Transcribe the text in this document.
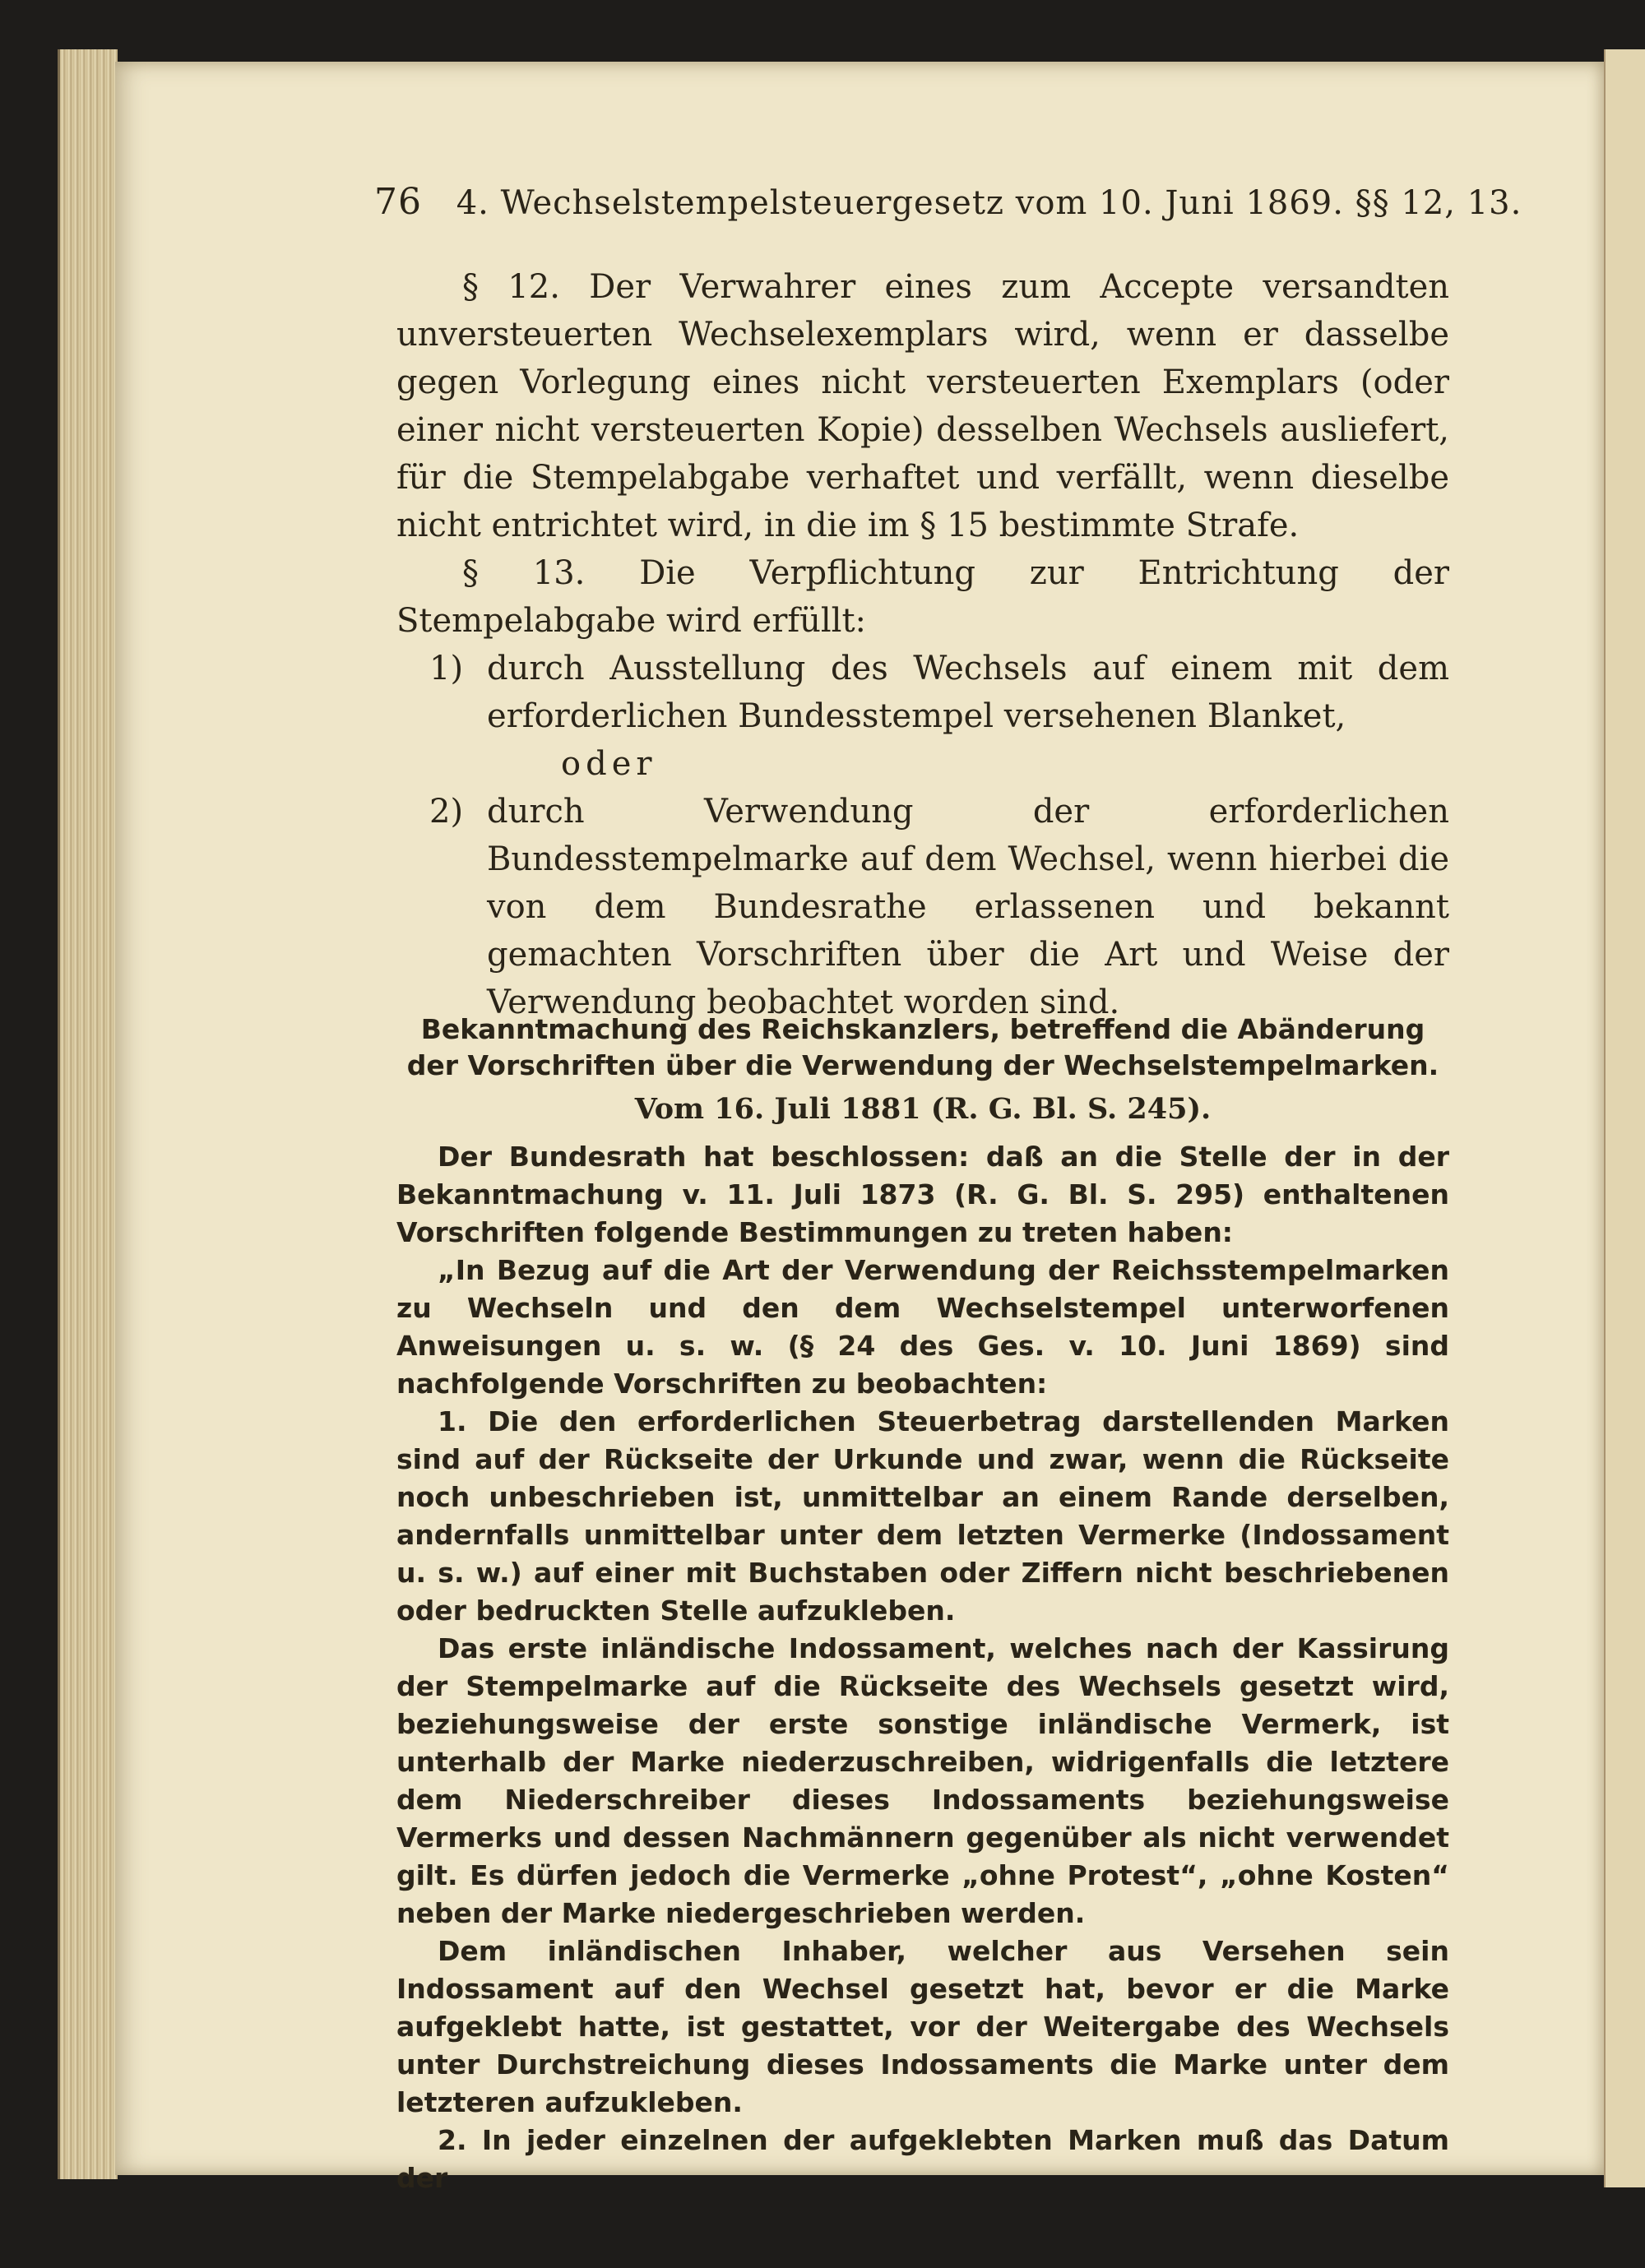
76 4. Wechselstempelsteuergesetz vom 10. Juni 1869. §§ 12, 13.

§ 12. Der Verwahrer eines zum Accepte versandten unversteuerten Wechselexemplars wird, wenn er dasselbe gegen Vorlegung eines nicht versteuerten Exemplars (oder einer nicht versteuerten Kopie) desselben Wechsels ausliefert, für die Stempelabgabe verhaftet und verfällt, wenn dieselbe nicht entrichtet wird, in die im § 15 bestimmte Strafe.

§ 13. Die Verpflichtung zur Entrichtung der Stempelabgabe wird erfüllt:

1) durch Ausstellung des Wechsels auf einem mit dem erforderlichen Bundesstempel versehenen Blanket,

oder

2) durch Verwendung der erforderlichen Bundesstempelmarke auf dem Wechsel, wenn hierbei die von dem Bundesrathe erlassenen und bekannt gemachten Vorschriften über die Art und Weise der Verwendung beobachtet worden sind.

Bekanntmachung des Reichskanzlers, betreffend die Abänderung der Vorschriften über die Verwendung der Wechselstempelmarken.

Vom 16. Juli 1881 (R. G. Bl. S. 245).

Der Bundesrath hat beschlossen: daß an die Stelle der in der Bekanntmachung v. 11. Juli 1873 (R. G. Bl. S. 295) enthaltenen Vorschriften folgende Bestimmungen zu treten haben:

„In Bezug auf die Art der Verwendung der Reichsstempelmarken zu Wechseln und den dem Wechselstempel unterworfenen Anweisungen u. s. w. (§ 24 des Ges. v. 10. Juni 1869) sind nachfolgende Vorschriften zu beobachten:

1. Die den erforderlichen Steuerbetrag darstellenden Marken sind auf der Rückseite der Urkunde und zwar, wenn die Rückseite noch unbeschrieben ist, unmittelbar an einem Rande derselben, andernfalls unmittelbar unter dem letzten Vermerke (Indossament u. s. w.) auf einer mit Buchstaben oder Ziffern nicht beschriebenen oder bedruckten Stelle aufzukleben.

Das erste inländische Indossament, welches nach der Kassirung der Stempelmarke auf die Rückseite des Wechsels gesetzt wird, beziehungsweise der erste sonstige inländische Vermerk, ist unterhalb der Marke niederzuschreiben, widrigenfalls die letztere dem Niederschreiber dieses Indossaments beziehungsweise Vermerks und dessen Nachmännern gegenüber als nicht verwendet gilt. Es dürfen jedoch die Vermerke „ohne Protest“, „ohne Kosten“ neben der Marke niedergeschrieben werden.

Dem inländischen Inhaber, welcher aus Versehen sein Indossament auf den Wechsel gesetzt hat, bevor er die Marke aufgeklebt hatte, ist gestattet, vor der Weitergabe des Wechsels unter Durchstreichung dieses Indossaments die Marke unter dem letzteren aufzukleben.

2. In jeder einzelnen der aufgeklebten Marken muß das Datum der
